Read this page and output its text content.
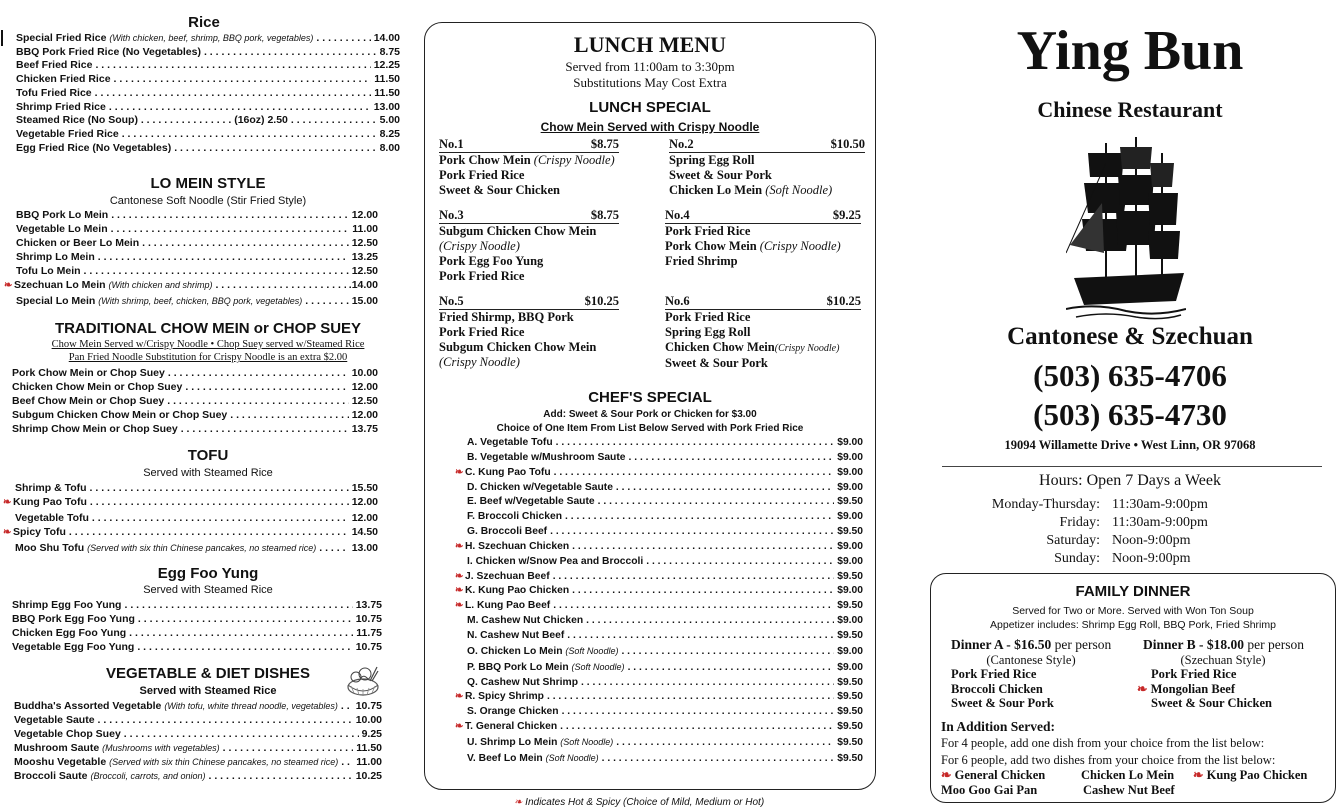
Rice
Special Fried Rice (With chicken, beef, shrimp, BBQ pork, vegetables) . . .	14.00
BBQ Pork Fried Rice (No Vegetables) . . .	8.75
Beef Fried Rice . . .	12.25
Chicken Fried Rice . . .	11.50
Tofu Fried Rice . . .	11.50
Shrimp Fried Rice . . .	13.00
Steamed Rice (No Soup) . . . . . . . . . . . . . . . . (16oz) 2.50 . . .	5.00
Vegetable Fried Rice . . .	8.25
Egg Fried Rice (No Vegetables) . . .	8.00
LO MEIN STYLE
Cantonese Soft Noodle (Stir Fried Style)
BBQ Pork Lo Mein . . .	12.00
Vegetable Lo Mein . . .	11.00
Chicken or Beer Lo Mein . . .	12.50
Shrimp Lo Mein . . .	13.25
Tofu Lo Mein . . .	12.50
❧ Szechuan Lo Mein (With chicken and shrimp) . . .	.14.00
Special Lo Mein (With shrimp, beef, chicken, BBQ pork, vegetables) . . .	15.00
TRADITIONAL CHOW MEIN or CHOP SUEY
Chow Mein Served w/Crispy Noodle • Chop Suey served w/Steamed Rice
Pan Fried Noodle Substitution for Crispy Noodle is an extra $2.00
Pork Chow Mein or Chop Suey . . .	10.00
Chicken Chow Mein or Chop Suey . . .	12.00
Beef Chow Mein or Chop Suey . . .	12.50
Subgum Chicken Chow Mein or Chop Suey . . .	12.00
Shrimp Chow Mein or Chop Suey . . .	13.75
TOFU
Served with Steamed Rice
Shrimp & Tofu . . .	15.50
❧ Kung Pao Tofu . . .	12.00
Vegetable Tofu . . .	12.00
❧ Spicy Tofu . . .	14.50
Moo Shu Tofu (Served with six thin Chinese pancakes, no steamed rice) . . .	13.00
Egg Foo Yung
Served with Steamed Rice
Shrimp Egg Foo Yung . . .	13.75
BBQ Pork Egg Foo Yung . . .	10.75
Chicken Egg Foo Yung . . .	11.75
Vegetable Egg Foo Yung . . .	10.75
VEGETABLE & DIET DISHES
Served with Steamed Rice
Buddha's Assorted Vegetable (With tofu, white thread noodle, vegetables) . . . 10.75
Vegetable Saute . . .	10.00
Vegetable Chop Suey . . .	9.25
Mushroom Saute (Mushrooms with vegetables) . . .	11.50
Mooshu Vegetable (Served with six thin Chinese pancakes, no steamed rice) . . . 11.00
Broccoli Saute (Broccoli, carrots, and onion) . . .	10.25
LUNCH MENU
Served from 11:00am to 3:30pm
Substitutions May Cost Extra
LUNCH SPECIAL
Chow Mein Served with Crispy Noodle
No.1	$8.75
Pork Chow Mein (Crispy Noodle)
Pork Fried Rice
Sweet & Sour Chicken
No.2	$10.50
Spring Egg Roll
Sweet & Sour Pork
Chicken Lo Mein (Soft Noodle)
No.3	$8.75
Subgum Chicken Chow Mein
(Crispy Noodle)
Pork Egg Foo Yung
Pork Fried Rice
No.4	$9.25
Pork Fried Rice
Pork Chow Mein (Crispy Noodle)
Fried Shrimp
No.5	$10.25
Fried Shirmp, BBQ Pork
Pork Fried Rice
Subgum Chicken Chow Mein
(Crispy Noodle)
No.6	$10.25
Pork Fried Rice
Spring Egg Roll
Chicken Chow Mein(Crispy Noodle)
Sweet & Sour Pork
CHEF'S SPECIAL
Add: Sweet & Sour Pork or Chicken for $3.00
Choice of One Item From List Below Served with Pork Fried Rice
A. Vegetable Tofu . . .	$9.00
B. Vegetable w/Mushroom Saute . . .	$9.00
❧ C. Kung Pao Tofu . . .	$9.00
D. Chicken w/Vegetable Saute . . .	$9.00
E. Beef w/Vegetable Saute . . .	$9.50
F. Broccoli Chicken . . .	$9.00
G. Broccoli Beef . . .	$9.50
❧ H. Szechuan Chicken . . .	$9.00
I. Chicken w/Snow Pea and Broccoli . . .	$9.00
❧ J. Szechuan Beef . . .	$9.50
❧ K. Kung Pao Chicken . . .	$9.00
❧ L. Kung Pao Beef . . .	$9.50
M. Cashew Nut Chicken . . .	$9.00
N. Cashew Nut Beef . . .	$9.50
O. Chicken Lo Mein (Soft Noodle) . . .	$9.00
P. BBQ Pork Lo Mein (Soft Noodle) . . .	$9.00
Q. Cashew Nut Shrimp . . .	$9.50
❧ R. Spicy Shrimp . . .	$9.50
S. Orange Chicken . . .	$9.50
❧ T. General Chicken . . .	$9.50
U. Shrimp Lo Mein (Soft Noodle) . . .	$9.50
V. Beef Lo Mein (Soft Noodle) . . .	$9.50
❧ Indicates Hot & Spicy (Choice of Mild, Medium or Hot)
Ying Bun
Chinese Restaurant
Cantonese & Szechuan
(503) 635-4706
(503) 635-4730
19094 Willamette Drive • West Linn, OR 97068
Hours: Open 7 Days a Week
Monday-Thursday: 11:30am-9:00pm
Friday: 11:30am-9:00pm
Saturday: Noon-9:00pm
Sunday: Noon-9:00pm
FAMILY DINNER
Served for Two or More. Served with Won Ton Soup
Appetizer includes: Shrimp Egg Roll, BBQ Pork, Fried Shrimp
Dinner A - $16.50 per person
(Cantonese Style)
Pork Fried Rice
Broccoli Chicken
Sweet & Sour Pork
Dinner B - $18.00 per person
(Szechuan Style)
Pork Fried Rice
❧ Mongolian Beef
Sweet & Sour Chicken
In Addition Served:
For 4 people, add one dish from your choice from the list below:
For 6 people, add two dishes from your choice from the list below:
❧ General Chicken	Chicken Lo Mein ❧ Kung Pao Chicken
Moo Goo Gai Pan	Cashew Nut Beef
